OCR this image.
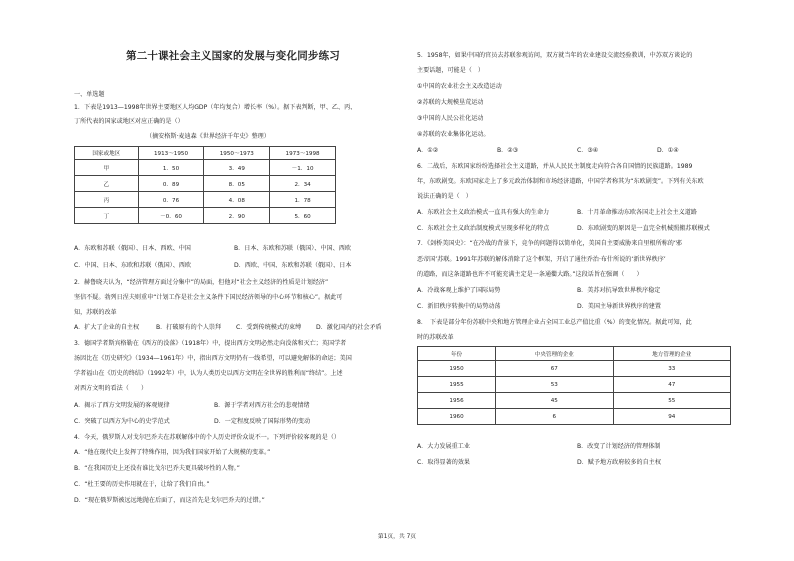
第二十课社会主义国家的发展与变化同步练习
一、单选题
1．下表是1913—1998年世界主要地区人均GDP（年均复合）增长率（%）。据下表判断，甲、乙、丙、
丁所代表的国家或地区对应正确的是（）
（摘安格斯·麦迪森《世界经济千年史》整理）
国家或地区	1913～1950	1950～1973	1973～1998
甲	1．50	3．49	－1．10
乙	0．89	8．05	2．34
丙	0．76	4．08	1．78
丁	－0．60	2．90	5．60
A．东欧和苏联（俄国）、日本、西欧、中国	B．日本、东欧和苏联（俄国）、中国、西欧
C．中国、日本、东欧和苏联（俄国）、西欧	D．西欧、中国、东欧和苏联（俄国）、日本
2．赫鲁晓夫认为，“经济管理方面过分集中”的局面，但他对“社会主义经济的性质是计划经济”
坚信不疑。勃列日涅夫则重申“计划工作是社会主义条件下国民经济领导的中心环节和核心”。据此可
知，苏联的改革
A．扩大了企业的自主权	B．打破原有的个人崇拜 C．受到传统模式的束缚 D．激化国内的社会矛盾
3．德国学者斯宾格勒在《西方的没落》（1918年）中，提出西方文明必然走向没落和灭亡；英国学者
汤因比在《历史研究》（1934—1961年）中，指出西方文明仍有一线希望，可以避免解体的命运；美国
学者福山在《历史的终结》（1992年）中，认为人类历史以西方文明在全世界的胜利而“终结”。上述
对西方文明的看法（　　）
A．揭示了西方文明发展的客观规律	B．源于学者对西方社会的悲观情绪
C．突破了以西方为中心的史学范式	D．一定程度反映了国际形势的变动
4．今天，俄罗斯人对戈尔巴乔夫在苏联解体中的个人历史评价众说不一。下列评价较客观的是（）
A．“他在现代史上发挥了特殊作用，因为我们国家开始了大规模的变革。”
B．“在我国历史上还没有谁比戈尔巴乔夫更具破坏性的人物。”
C．“杜王要的历史作用就在于，让给了我们自由。”
D．“现在俄罗斯被远远地抛在后面了，而这首先是戈尔巴乔夫的过错。”
5．1958年，如果中国的官员去苏联参观访问，双方就当年的农业建设交流经验教训，中苏双方谈论的
主要话题，可能是（　）
①中国的农业社会主义改造运动
②苏联的大规模垦荒运动
③中国的人民公社化运动
④苏联的农业集体化运动。
A．①②	B．②③	C．③④	D．①④
6．二战后，东欧国家纷纷选择社会主义道路，并从人民民主制度走向符合各自国情的民族道路。1989
年，东欧剧变。东欧国家走上了多元政治体制和市场经济道路，中国学者称其为“东欧剧变”。下列有关东欧
说法正确的是（　）
A．东欧社会主义政治模式一直具有强大的生命力	B．十月革命推动东欧各国走上社会主义道路
C．东欧社会主义政治制度模式呈现多样化的特点	D．东欧剧变的原因是一直完全机械照搬苏联模式
7．《剑桥美国史》：“在冷战的背景下，竞争的问题得以简单化，美国自主要威胁来自里根所称的‘邪
恶帝国’苏联。1991年苏联的解体消除了这个框架，开启了通往乔治·布什所说的‘新世界秩序’
的道路，而这条道路也许不可能充满主定是一条通衢大路。”这段话旨在强调（　　）
A．冷战客观上维护了国际局势	B．美苏对抗导致世界秩序稳定
C．新旧秩序转换中的局势动荡	D．美国主导新世界秩序的建置
8．　下表是部分年份苏联中央和地方管理企业占全国工业总产值比重（%）的变化情况。据此可知，此
时的苏联改革
年份	中央管理的企业	地方管理的企业
1950	67	33
1955	53	47
1956	45	55
1960	6	94
A．大力发展重工业	B．改变了计划经济的管理体制
C．取得显著的效果	D．赋予地方政府较多的自主权
第1页，共 7页
